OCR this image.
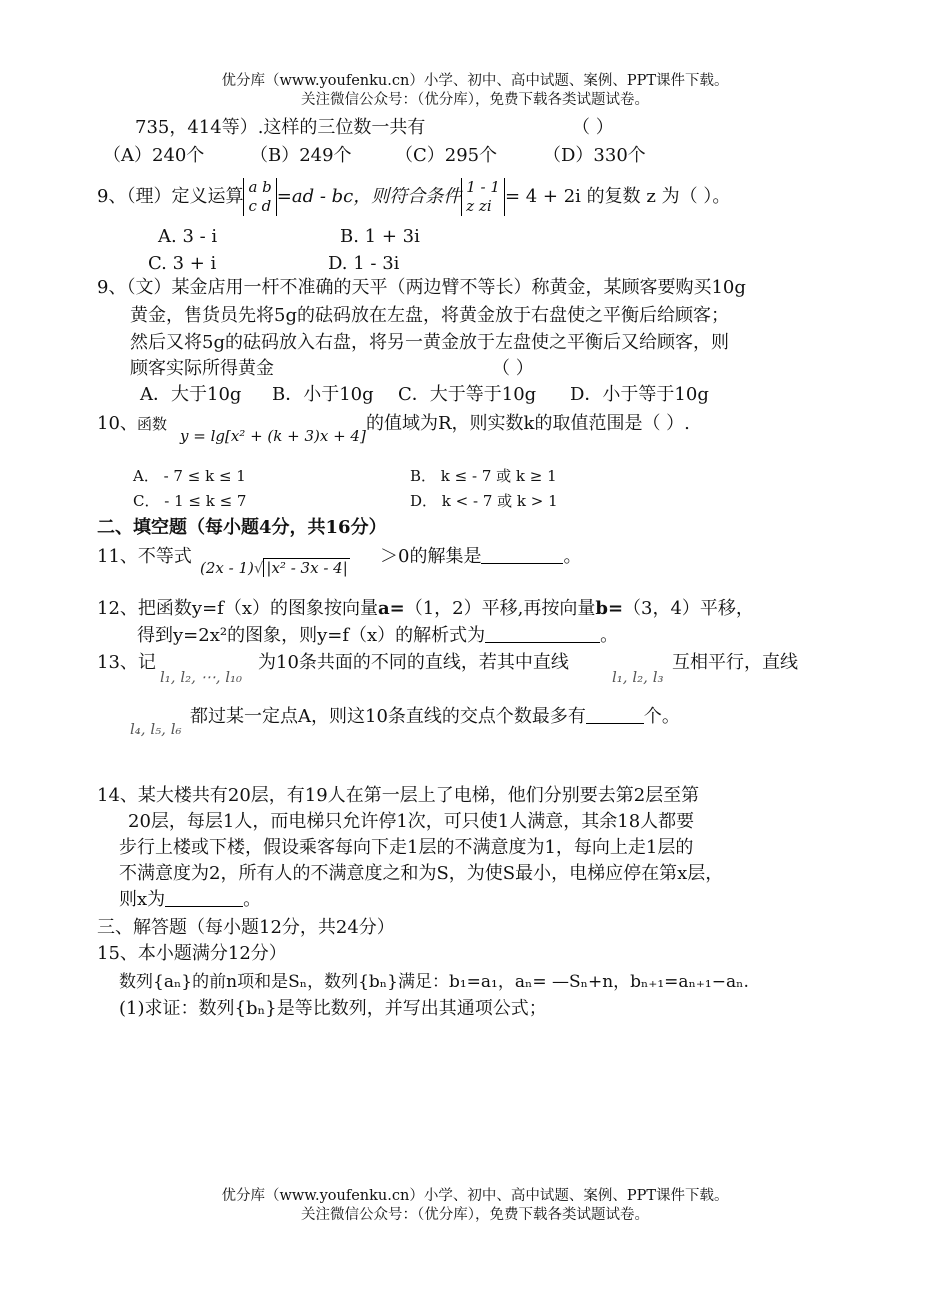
优分库（www.youfenku.cn）小学、初中、高中试题、案例、PPT课件下载。
关注微信公众号：（优分库），免费下载各类试题试卷。
735，414等）.这样的三位数一共有	（ ）
（A）240个	（B）249个 （C）295个	（D）330个
9、（理）定义运算 a b
c d =ad - bc，则符合条件 1 - 1
z zi = 4 + 2i 的复数 z 为（ ）。
A. 3 - i	B. 1 + 3i
C. 3 + i	D. 1 - 3i
9、（文）某金店用一杆不准确的天平（两边臂不等长）称黄金，某顾客要购买10g
黄金，售货员先将5g的砝码放在左盘，将黄金放于右盘使之平衡后给顾客；
然后又将5g的砝码放入右盘，将另一黄金放于左盘使之平衡后又给顾客，则
顾客实际所得黄金	（ ）
A．大于10g B．小于10g C．大于等于10g D．小于等于10g
10、 函数
y = lg[x² + (k + 3)x + 4]
的值域为R，则实数k的取值范围是（ ）.
A． - 7 ≤ k ≤ 1	B． k ≤ - 7 或 k ≥ 1
C． - 1 ≤ k ≤ 7	D． k < - 7 或 k > 1
二、填空题（每小题4分，共16分）
11、不等式
(2x - 1)√ |x² - 3x - 4|
＞0的解集是	。
12、把函数y=f（x）的图象按向量a=（1，2）平移,再按向量b=（3，4）平移，
得到y=2x²的图象，则y=f（x）的解析式为	。
13、记
l₁, l₂, ⋯, l₁₀
为10条共面的不同的直线，若其中直线
l₁, l₂, l₃
互相平行，直线
l₄, l₅, l₆
都过某一定点A，则这10条直线的交点个数最多有	个。
14、某大楼共有20层，有19人在第一层上了电梯，他们分别要去第2层至第
20层，每层1人，而电梯只允许停1次，可只使1人满意，其余18人都要
步行上楼或下楼，假设乘客每向下走1层的不满意度为1，每向上走1层的
不满意度为2，所有人的不满意度之和为S，为使S最小，电梯应停在第x层，
则x为	。
三、解答题（每小题12分，共24分）
15、本小题满分12分）
数列{aₙ}的前n项和是Sₙ，数列{bₙ}满足：b₁=a₁，aₙ= —Sₙ+n，bₙ₊₁=aₙ₊₁−aₙ.
(1)求证：数列{bₙ}是等比数列，并写出其通项公式；
优分库（www.youfenku.cn）小学、初中、高中试题、案例、PPT课件下载。
关注微信公众号：（优分库），免费下载各类试题试卷。
